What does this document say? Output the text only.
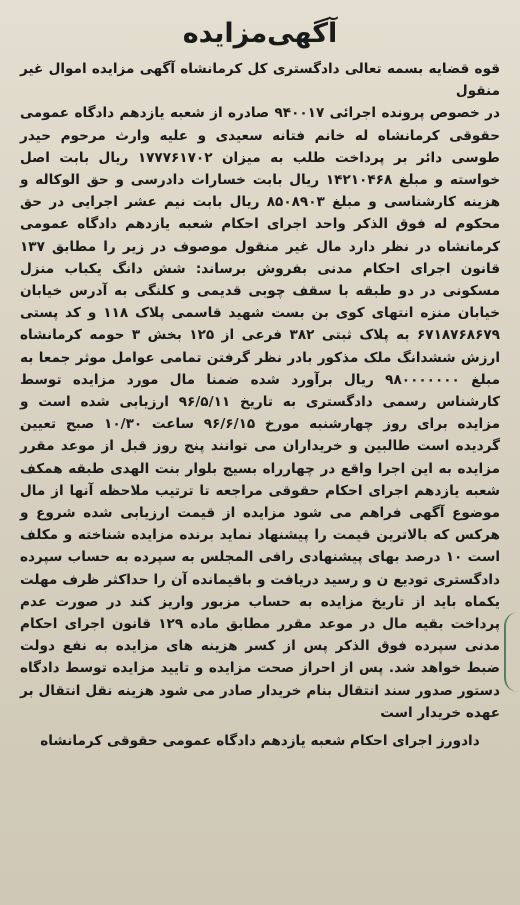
آگهی‌مزایده

قوه قضایه بسمه تعالی دادگستری کل کرمانشاه آگهی مزایده اموال غیر منقول

در خصوص پرونده اجرائی ۹۴۰۰۱۷ صادره از شعبه یازدهم دادگاه عمومی حقوقی کرمانشاه له خانم فتانه سعیدی و علیه وارث مرحوم حیدر طوسی دائر بر پرداخت طلب به میزان ۱۷۷۷۶۱۷۰۲ ریال بابت اصل خواسته و مبلغ ۱۴۲۱۰۴۶۸ ریال بابت خسارات دادرسی و حق الوکاله و هزینه کارشناسی و مبلغ ۸۵۰۸۹۰۳ ریال بابت نیم عشر اجرایی در حق محکوم له فوق الذکر واحد اجرای احکام شعبه یازدهم دادگاه عمومی کرمانشاه در نظر دارد مال غیر منقول موصوف در زیر را مطابق ۱۳۷ قانون اجرای احکام مدنی بفروش برساند: شش دانگ یکباب منزل مسکونی در دو طبقه با سقف چوبی قدیمی و کلنگی به آدرس خیابان خیابان منزه انتهای کوی بن بست شهید قاسمی پلاک ۱۱۸ و کد پستی ۶۷۱۸۷۶۸۶۷۹ به پلاک ثبتی ۳۸۲ فرعی از ۱۲۵ بخش ۳ حومه کرمانشاه ارزش ششدانگ ملک مذکور بادر نظر گرفتن تمامی عوامل موثر جمعا به مبلغ ۹۸۰۰۰۰۰۰۰ ریال برآورد شده ضمنا مال مورد مزایده توسط کارشناس رسمی دادگستری به تاریخ ۹۶/۵/۱۱ ارزیابی شده است و مزایده برای روز چهارشنبه مورخ ۹۶/۶/۱۵ ساعت ۱۰/۳۰ صبح تعیین گردیده است طالبین و خریداران می توانند پنج روز قبل از موعد مقرر مزایده به این اجرا واقع در چهارراه بسیج بلوار بنت الهدی طبقه همکف شعبه یازدهم اجرای احکام حقوقی مراجعه تا ترتیب ملاحظه آنها از مال موضوع آگهی فراهم می شود مزایده از قیمت ارزیابی شده شروع و هرکس که بالاترین قیمت را پیشنهاد نماید برنده مزایده شناخته و مکلف است ۱۰ درصد بهای پیشنهادی رافی المجلس به سپرده به حساب سپرده دادگستری تودیع ن و رسید دریافت و باقیمانده آن را حداکثر ظرف مهلت یکماه باید از تاریخ مزایده به حساب مزبور واریز کند در صورت عدم پرداخت بقیه مال در موعد مقرر مطابق ماده ۱۲۹ قانون اجرای احکام مدنی سپرده فوق الذکر پس از کسر هزینه های مزایده به نفع دولت ضبط خواهد شد. پس از احراز صحت مزایده و تایید مزایده توسط دادگاه دستور صدور سند انتقال بنام خریدار صادر می شود هزینه نقل انتقال بر عهده خریدار است

دادورز اجرای احکام شعبه یازدهم دادگاه عمومی حقوقی کرمانشاه
